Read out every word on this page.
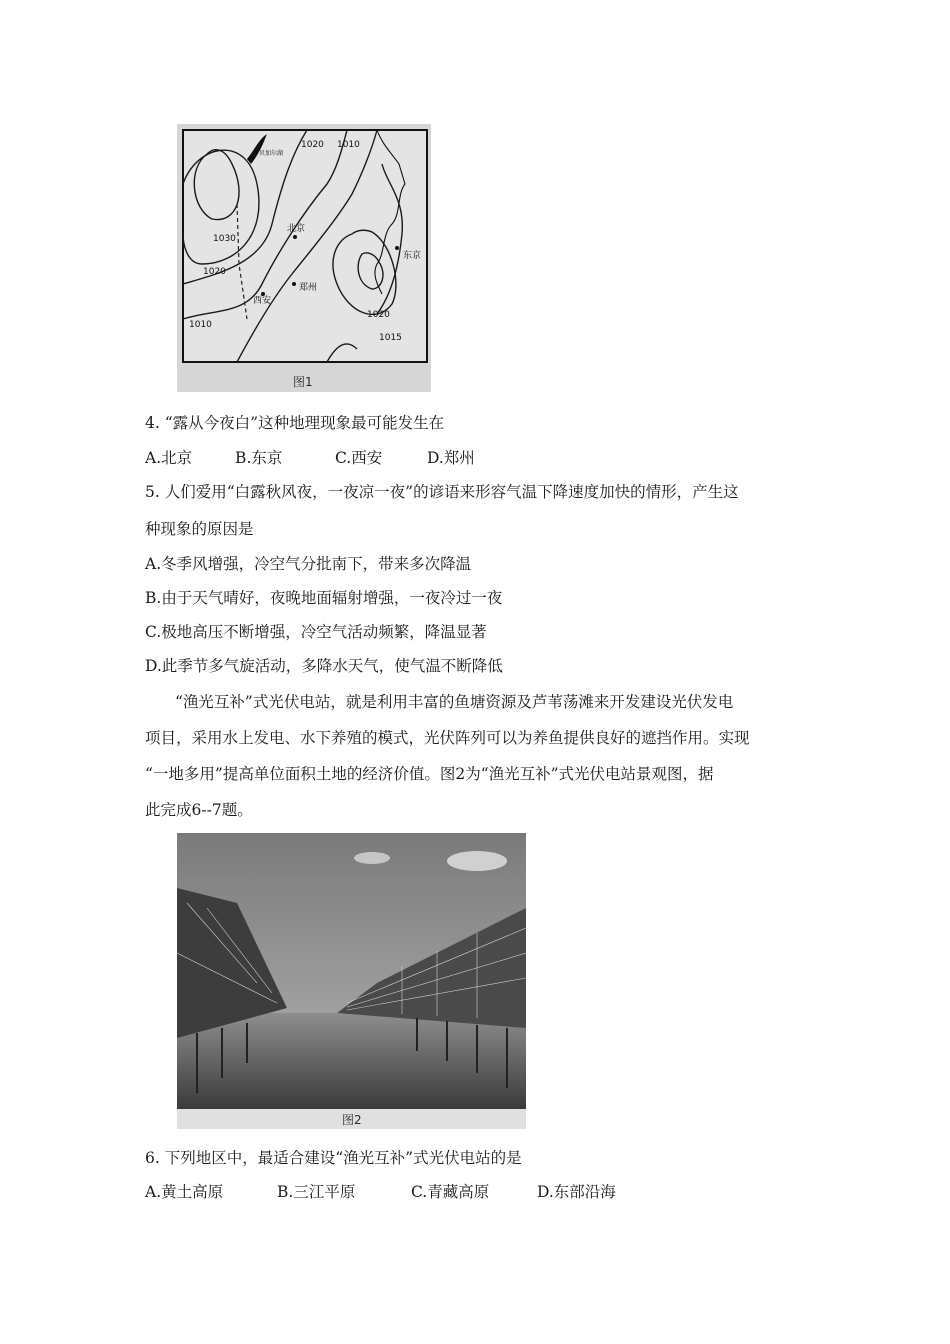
1020 1010
1030
1020
1010
1020
1015
贝加尔湖
北京
东京
西安
郑州
图1
4. “露从今夜白”这种地理现象最可能发生在
A.北京	B.东京	C.西安	D.郑州
5. 人们爱用“白露秋风夜，一夜凉一夜”的谚语来形容气温下降速度加快的情形，产生这
种现象的原因是
A.冬季风增强，冷空气分批南下，带来多次降温
B.由于天气晴好，夜晚地面辐射增强，一夜冷过一夜
C.极地高压不断增强，冷空气活动频繁，降温显著
D.此季节多气旋活动，多降水天气，使气温不断降低
“渔光互补”式光伏电站，就是利用丰富的鱼塘资源及芦苇荡滩来开发建设光伏发电
项目，采用水上发电、水下养殖的模式，光伏阵列可以为养鱼提供良好的遮挡作用。实现
“一地多用”提高单位面积土地的经济价值。图2为“渔光互补”式光伏电站景观图，据
此完成6--7题。
图2
6. 下列地区中，最适合建设“渔光互补”式光伏电站的是
A.黄土高原	B.三江平原	C.青藏高原	D.东部沿海
